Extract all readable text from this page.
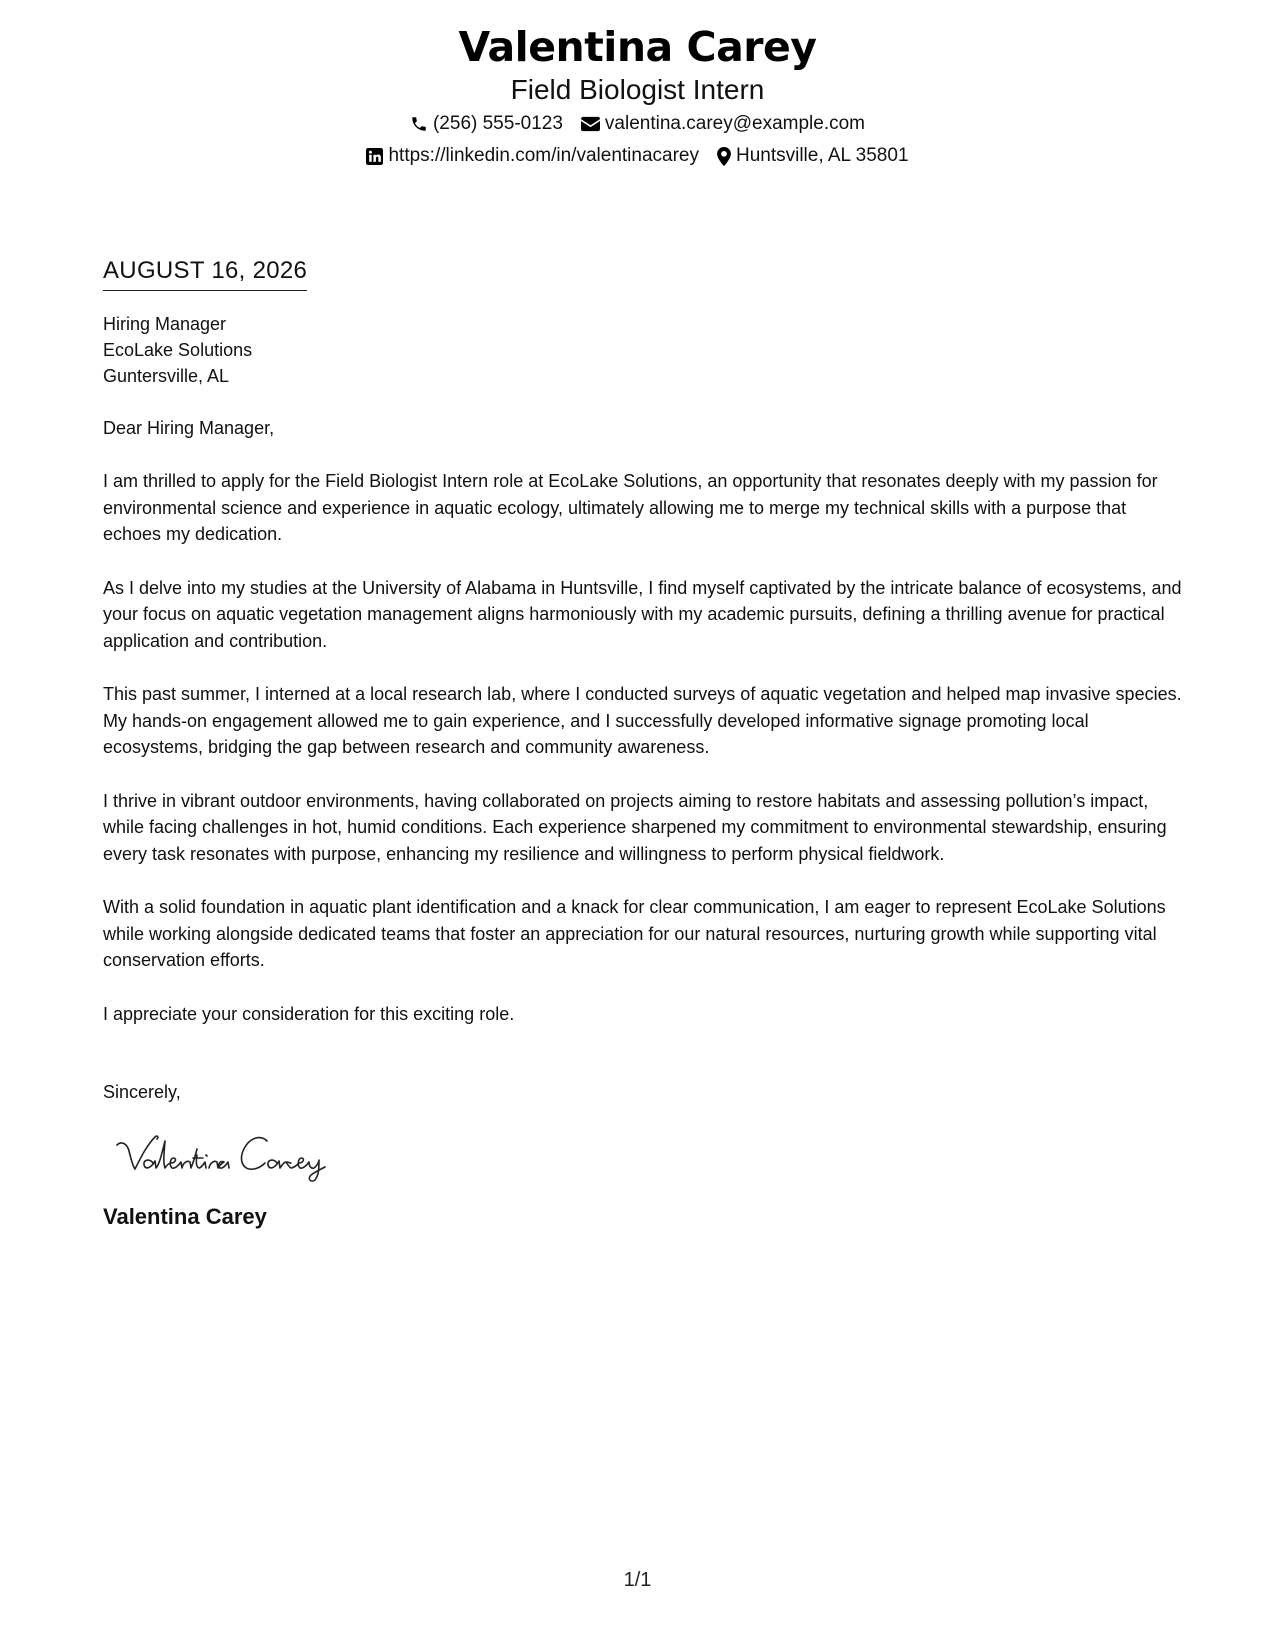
Valentina Carey
Field Biologist Intern
(256) 555-0123 valentina.carey@example.com
https://linkedin.com/in/valentinacarey Huntsville, AL 35801
AUGUST 16, 2026
Hiring Manager
EcoLake Solutions
Guntersville, AL
Dear Hiring Manager,
I am thrilled to apply for the Field Biologist Intern role at EcoLake Solutions, an opportunity that resonates deeply with my passion for environmental science and experience in aquatic ecology, ultimately allowing me to merge my technical skills with a purpose that echoes my dedication.
As I delve into my studies at the University of Alabama in Huntsville, I find myself captivated by the intricate balance of ecosystems, and your focus on aquatic vegetation management aligns harmoniously with my academic pursuits, defining a thrilling avenue for practical application and contribution.
This past summer, I interned at a local research lab, where I conducted surveys of aquatic vegetation and helped map invasive species. My hands-on engagement allowed me to gain experience, and I successfully developed informative signage promoting local ecosystems, bridging the gap between research and community awareness.
I thrive in vibrant outdoor environments, having collaborated on projects aiming to restore habitats and assessing pollution’s impact, while facing challenges in hot, humid conditions. Each experience sharpened my commitment to environmental stewardship, ensuring every task resonates with purpose, enhancing my resilience and willingness to perform physical fieldwork.
With a solid foundation in aquatic plant identification and a knack for clear communication, I am eager to represent EcoLake Solutions while working alongside dedicated teams that foster an appreciation for our natural resources, nurturing growth while supporting vital conservation efforts.
I appreciate your consideration for this exciting role.
Sincerely,
Valentina Carey
1/1
